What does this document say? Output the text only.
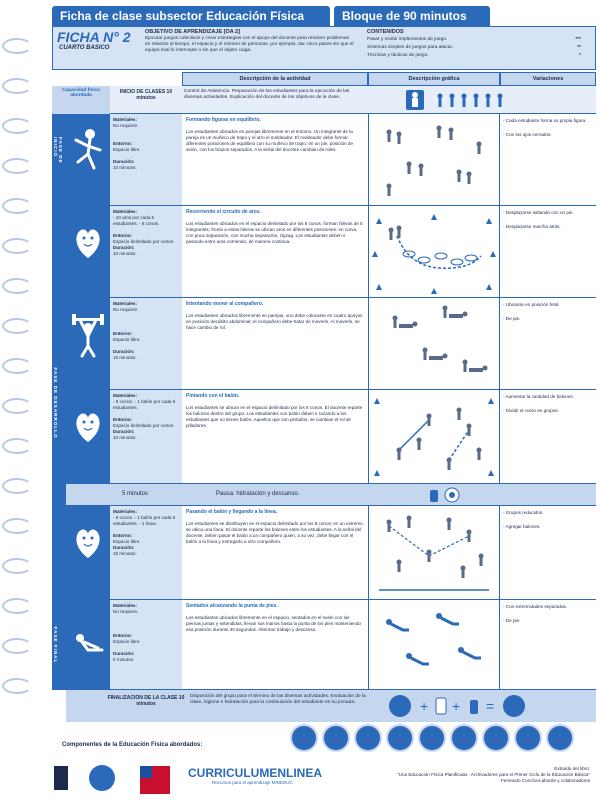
Ficha de clase subsector Educación Física	Bloque de 90 minutos
FICHA N° 2
CUARTO BASICO
OBJETIVO DE APRENDIZAJE [OA 2]
Ejecutar juegos colectivos y crear estrategias con el apoyo del docente para resolver problemas en relación al tiempo, el espacio y el número de personas, por ejemplo, dar cinco pases sin que el equipo rival lo intercepte o sin que el objeto caiga.
CONTENIDOS
Pasar y recibir implementos de juego.	***
Sistemas simples de juegos para atacar.	**
Técnicas y tácticas de juego.	*
Descripción de la actividad	Descripción gráfica	Variaciones
Capacidad física abordada
INICIO DE CLASES 10 minutos
Control de Asistencia. Preparación de los estudiantes para la ejecución de las diversas actividades. Explicación del docente de los objetivos de la clase.
FASE DE INICIO
FASE DE DESARROLLO
FASE FINAL
Materiales:
No requiere.

Entorno:
Espacio libre.

Duración:
10 minutos.
Formando figuras en equilibrio.
Los estudiantes ubicados en parejas libremente en el entorno. Un integrante de la pareja es un muñeco de trapo y el otro el moldeador. El moldeador debe formar diferentes posiciones de equilibrio con su muñeco de trapo; en un pie, posición de avión, con los brazos separados. A la señal del docente cambian de roles.
- Cada estudiante forma su propia figura.
- Con los ojos cerrados.
Materiales:
- 10 aros por cada 5 estudiantes. - 8 conos.

Entorno:
Espacio delimitado por conos.
Duración:
10 minutos.
Recorriendo el circuito de aros.
Los estudiantes ubicados en el espacio delimitado por los 8 conos, forman hileras de 5 integrantes; frente a estas hileras se ubican aros en diferentes posiciones: en curva, con poca separación, con mucha separación, zigzag. Los estudiantes deben ir pasando entre aros corriendo, de manera continua.
- Desplazarse saltando con un pie.
- Desplazarse marcha atrás.
Materiales:
No requiere.

Entorno:
Espacio libre.

Duración:
15 minutos.
Intentando mover al compañero.
Los estudiantes ubicados libremente en parejas, uno debe colocarse en cuatro apoyos en posición decúbito abdominal; el compañero debe tratar de moverlo. Al moverlo, se hace cambio de rol.
- Ubicarse en posición fetal.
- De pie.
Materiales:
- 8 conos. - 1 balón por cada 5 estudiantes.

Entorno:
Espacio delimitado por conos.
Duración:
10 minutos.
Pintando con el balón.
Los estudiantes se ubican en el espacio delimitado por los 8 conos. El docente reparte los balones dentro del grupo. Los estudiantes con balón deben ir tocando a los estudiantes que no tienen balón. Aquellos que son pintados, se cambian el rol de pilladores.
- Aumentar la cantidad de balones.
- Dividir el curso en grupos.
5 minutos	Pausa: hidratación y descanso.
Materiales:
- 8 conos. - 1 balón por cada 5 estudiantes. - 1 línea.

Entorno:
Espacio libre.
Duración:
15 minutos.
Pasando el balón y llegando a la línea.
Los estudiantes se distribuyen en el espacio delimitado por los 8 conos; en un extremo se ubica una línea. El docente reparte los balones entre los estudiantes. A la señal del docente, deben pasar el balón a un compañero quien, a su vez, debe llegar con el balón a la línea y entregarlo a otro compañero.
- Grupos reducidos.
- Agregar balones.
Materiales:
No requiere.

Entorno:
Espacio libre.

Duración:
5 minutos.
Sentados alcanzando la punta de pies.
Los estudiantes ubicados libremente en el espacio, sentados en el suelo con las piernas juntas y extendidas, llevan sus manos hasta la punta de los pies manteniendo esa posición durante 30 segundos. Alternan trabajo y descanso.
- Con extremidades separadas.
- De pie.
FINALIZACION DE LA CLASE 10 minutos
Disposición del grupo para el término de las diversas actividades. Evaluación de la clase, higiene e hidratación para la continuación del estudiante en su jornada.	+ + =
Componentes de la Educación Física abordados:
CURRICULUMENLINEA
Recursos para el aprendizaje MINEDUC
Extraído del libro:
"Una Educación Física Planificada - Archivadores para el Primer Ciclo de la Educación Básica"
Fernando Concha-Laborde y colaboradores
